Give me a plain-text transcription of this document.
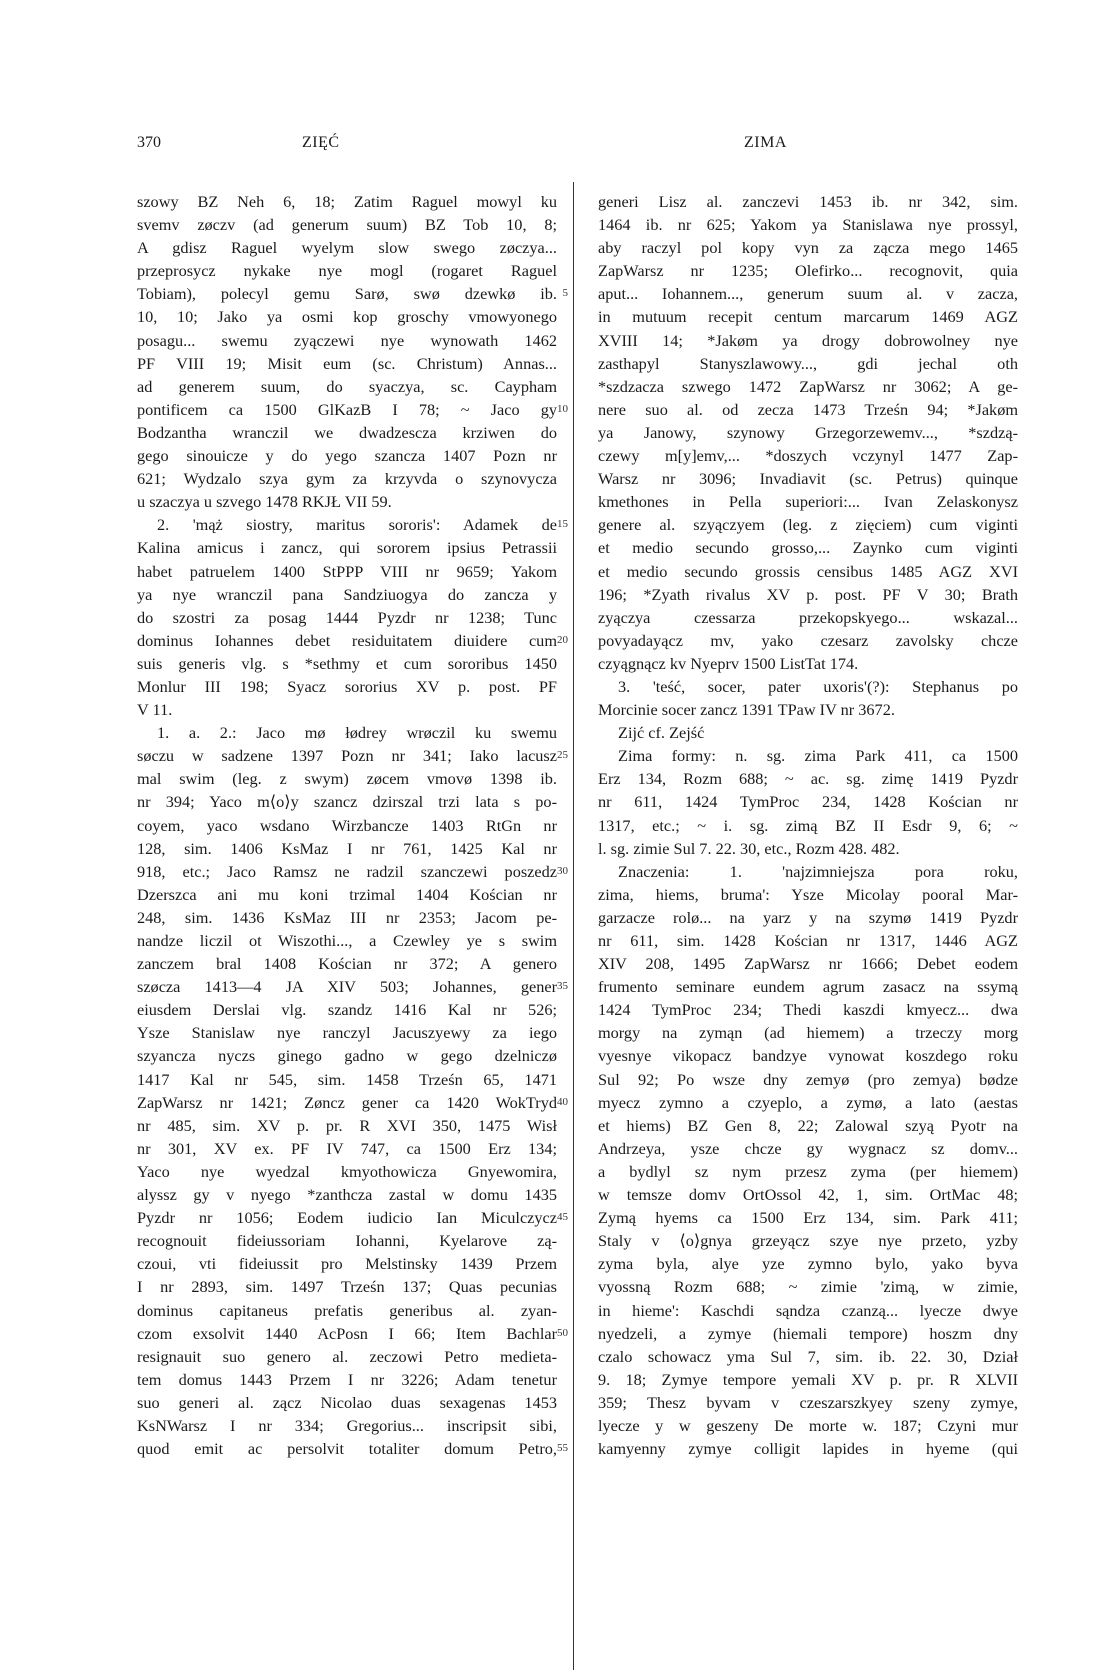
370	ZIĘĆ	ZIMA
szowy BZ Neh 6, 18; Zatim Raguel mowyl ku
svemv zøczv (ad generum suum) BZ Tob 10, 8;
A gdisz Raguel wyelym slow swego zøczya...
przeprosycz nykake nye mogl (rogaret Raguel
Tobiam), polecyl gemu Sarø, swø dzewkø ib.
10, 10; Jako ya osmi kop groschy vmowyonego
posagu... swemu zyączewi nye wynowath 1462
PF VIII 19; Misit eum (sc. Christum) Annas...
ad generem suum, do syaczya, sc. Caypham
pontificem ca 1500 GlKazB I 78; ~ Jaco gy
Bodzantha wranczil we dwadzescza krziwen do
gego sinouicze y do yego szancza 1407 Pozn nr
621; Wydzalo szya gym za krzyvda o szynovycza
u szaczya u szvego 1478 RKJŁ VII 59.
2. 'mąż siostry, maritus sororis': Adamek de
Kalina amicus i zancz, qui sororem ipsius Petrassii
habet patruelem 1400 StPPP VIII nr 9659; Yakom
ya nye wranczil pana Sandziuogya do zancza y
do szostri za posag 1444 Pyzdr nr 1238; Tunc
dominus Iohannes debet residuitatem diuidere cum
suis generis vlg. s *sethmy et cum sororibus 1450
Monlur III 198; Syacz sororius XV p. post. PF
V 11.
1. a. 2.: Jaco mø łødrey wrøczil ku swemu
søczu w sadzene 1397 Pozn nr 341; Iako lacusz
mal swim (leg. z swym) zøcem vmovø 1398 ib.
nr 394; Yaco m⟨o⟩y szancz dzirszal trzi lata s po-
coyem, yaco wsdano Wirzbancze 1403 RtGn nr
128, sim. 1406 KsMaz I nr 761, 1425 Kal nr
918, etc.; Jaco Ramsz ne radzil szanczewi poszedz
Dzerszca ani mu koni trzimal 1404 Kościan nr
248, sim. 1436 KsMaz III nr 2353; Jacom pe-
nandze liczil ot Wiszothi..., a Czewley ye s swim
zanczem bral 1408 Kościan nr 372; A genero
szøcza 1413—4 JA XIV 503; Johannes, gener
eiusdem Derslai vlg. szandz 1416 Kal nr 526;
Ysze Stanislaw nye ranczyl Jacuszyewy za iego
szyancza nyczs ginego gadno w gego dzelniczø
1417 Kal nr 545, sim. 1458 Trześn 65, 1471
ZapWarsz nr 1421; Zøncz gener ca 1420 WokTryd
nr 485, sim. XV p. pr. R XVI 350, 1475 Wisł
nr 301, XV ex. PF IV 747, ca 1500 Erz 134;
Yaco nye wyedzal kmyothowicza Gnyewomira,
alyssz gy v nyego *zanthcza zastal w domu 1435
Pyzdr nr 1056; Eodem iudicio Ian Miculczycz
recognouit fideiussoriam Iohanni, Kyelarove zą-
czoui, vti fideiussit pro Melstinsky 1439 Przem
I nr 2893, sim. 1497 Trześn 137; Quas pecunias
dominus capitaneus prefatis generibus al. zyan-
czom exsolvit 1440 AcPosn I 66; Item Bachlar
resignauit suo genero al. zeczowi Petro medieta-
tem domus 1443 Przem I nr 3226; Adam tenetur
suo generi al. zącz Nicolao duas sexagenas 1453
KsNWarsz I nr 334; Gregorius... inscripsit sibi,
quod emit ac persolvit totaliter domum Petro,
5
10
15
20
25
30
35
40
45
50
55
generi Lisz al. zanczevi 1453 ib. nr 342, sim.
1464 ib. nr 625; Yakom ya Stanislawa nye prossyl,
aby raczyl pol kopy vyn za zącza mego 1465
ZapWarsz nr 1235; Olefirko... recognovit, quia
aput... Iohannem..., generum suum al. v zacza,
in mutuum recepit centum marcarum 1469 AGZ
XVIII 14; *Jakøm ya drogy dobrowolney nye
zasthapyl Stanyszlawowy..., gdi jechal oth
*szdzacza szwego 1472 ZapWarsz nr 3062; A ge-
nere suo al. od zecza 1473 Trześn 94; *Jakøm
ya Janowy, szynowy Grzegorzewemv..., *szdzą-
czewy m[y]emv,... *doszych vczynyl 1477 Zap-
Warsz nr 3096; Invadiavit (sc. Petrus) quinque
kmethones in Pella superiori:... Ivan Zelaskonysz
genere al. szyączyem (leg. z zięciem) cum viginti
et medio secundo grosso,... Zaynko cum viginti
et medio secundo grossis censibus 1485 AGZ XVI
196; *Zyath rivalus XV p. post. PF V 30; Brath
zyączya czessarza przekopskyego... wskazal...
povyadayącz mv, yako czesarz zavolsky chcze
czyągnącz kv Nyeprv 1500 ListTat 174.
3. 'teść, socer, pater uxoris'(?): Stephanus po
Morcinie socer zancz 1391 TPaw IV nr 3672.
Zijć cf. Zejść
Zima formy: n. sg. zima Park 411, ca 1500
Erz 134, Rozm 688; ~ ac. sg. zimę 1419 Pyzdr
nr 611, 1424 TymProc 234, 1428 Kościan nr
1317, etc.; ~ i. sg. zimą BZ II Esdr 9, 6; ~
l. sg. zimie Sul 7. 22. 30, etc., Rozm 428. 482.
Znaczenia: 1. 'najzimniejsza pora roku,
zima, hiems, bruma': Ysze Micolay pooral Mar-
garzacze rolø... na yarz y na szymø 1419 Pyzdr
nr 611, sim. 1428 Kościan nr 1317, 1446 AGZ
XIV 208, 1495 ZapWarsz nr 1666; Debet eodem
frumento seminare eundem agrum zasacz na ssymą
1424 TymProc 234; Thedi kaszdi kmyecz... dwa
morgy na zymąn (ad hiemem) a trzeczy morg
vyesnye vikopacz bandzye vynowat koszdego roku
Sul 92; Po wsze dny zemyø (pro zemya) bødze
myecz zymno a czyeplo, a zymø, a lato (aestas
et hiems) BZ Gen 8, 22; Zalowal szyą Pyotr na
Andrzeya, ysze chcze gy wygnacz sz domv...
a bydlyl sz nym przesz zyma (per hiemem)
w temsze domv OrtOssol 42, 1, sim. OrtMac 48;
Zymą hyems ca 1500 Erz 134, sim. Park 411;
Staly v ⟨o⟩gnya grzeyącz szye nye przeto, yzby
zyma byla, alye yze zymno bylo, yako byva
vyossną Rozm 688; ~ zimie 'zimą, w zimie,
in hieme': Kaschdi sąndza czanzą... lyecze dwye
nyedzeli, a zymye (hiemali tempore) hoszm dny
czalo schowacz yma Sul 7, sim. ib. 22. 30, Dział
9. 18; Zymye tempore yemali XV p. pr. R XLVII
359; Thesz byvam v czeszarszkyey szeny zymye,
lyecze y w geszeny De morte w. 187; Czyni mur
kamyenny zymye colligit lapides in hyeme (qui
